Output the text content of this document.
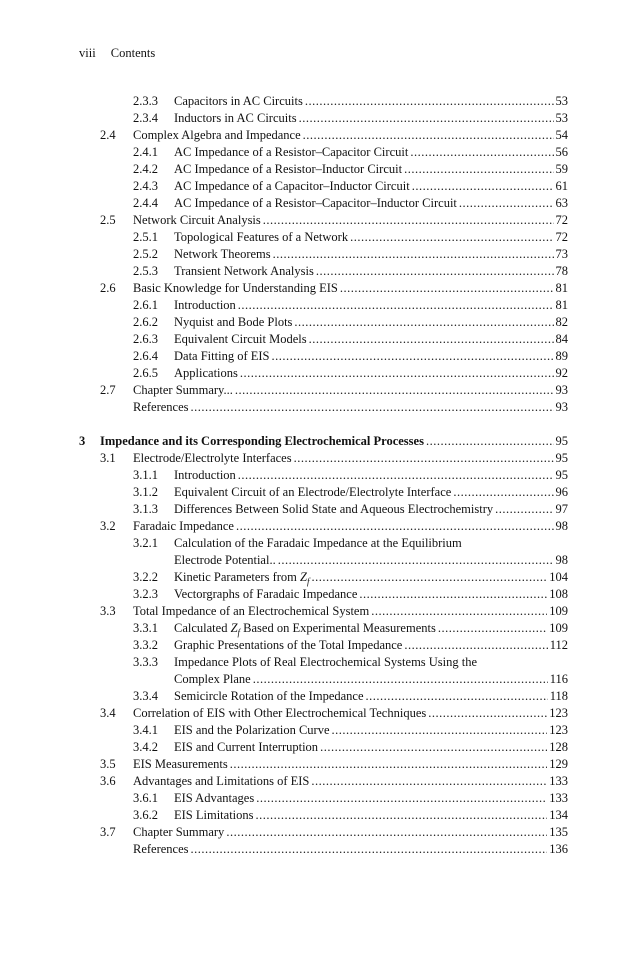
viii Contents
2.3.3 Capacitors in AC Circuits .....	53
2.3.4 Inductors in AC Circuits .....	53
2.4 Complex Algebra and Impedance .....	54
2.4.1 AC Impedance of a Resistor–Capacitor Circuit .....	56
2.4.2 AC Impedance of a Resistor–Inductor Circuit .....	59
2.4.3 AC Impedance of a Capacitor–Inductor Circuit .....	61
2.4.4 AC Impedance of a Resistor–Capacitor–Inductor Circuit .....	63
2.5 Network Circuit Analysis .....	72
2.5.1 Topological Features of a Network .....	72
2.5.2 Network Theorems .....	73
2.5.3 Transient Network Analysis .....	78
2.6 Basic Knowledge for Understanding EIS .....	81
2.6.1 Introduction .....	81
2.6.2 Nyquist and Bode Plots .....	82
2.6.3 Equivalent Circuit Models .....	84
2.6.4 Data Fitting of EIS .....	89
2.6.5 Applications .....	92
2.7 Chapter Summary... .....	93
References .....	93
3 Impedance and its Corresponding Electrochemical Processes .....	95
3.1 Electrode/Electrolyte Interfaces .....	95
3.1.1 Introduction .....	95
3.1.2 Equivalent Circuit of an Electrode/Electrolyte Interface .....	96
3.1.3 Differences Between Solid State and Aqueous Electrochemistry .....	97
3.2 Faradaic Impedance .....	98
3.2.1 Calculation of the Faradaic Impedance at the Equilibrium
Electrode Potential.. .....	98
3.2.2 Kinetic Parameters from $Z_f$ .....	104
3.2.3 Vectorgraphs of Faradaic Impedance .....	108
3.3 Total Impedance of an Electrochemical System .....	109
3.3.1 Calculated $Z_f$ Based on Experimental Measurements .....	109
3.3.2 Graphic Presentations of the Total Impedance .....	112
3.3.3 Impedance Plots of Real Electrochemical Systems Using the
Complex Plane .....	116
3.3.4 Semicircle Rotation of the Impedance .....	118
3.4 Correlation of EIS with Other Electrochemical Techniques .....	123
3.4.1 EIS and the Polarization Curve .....	123
3.4.2 EIS and Current Interruption .....	128
3.5 EIS Measurements .....	129
3.6 Advantages and Limitations of EIS .....	133
3.6.1 EIS Advantages .....	133
3.6.2 EIS Limitations .....	134
3.7 Chapter Summary .....	135
References .....	136
